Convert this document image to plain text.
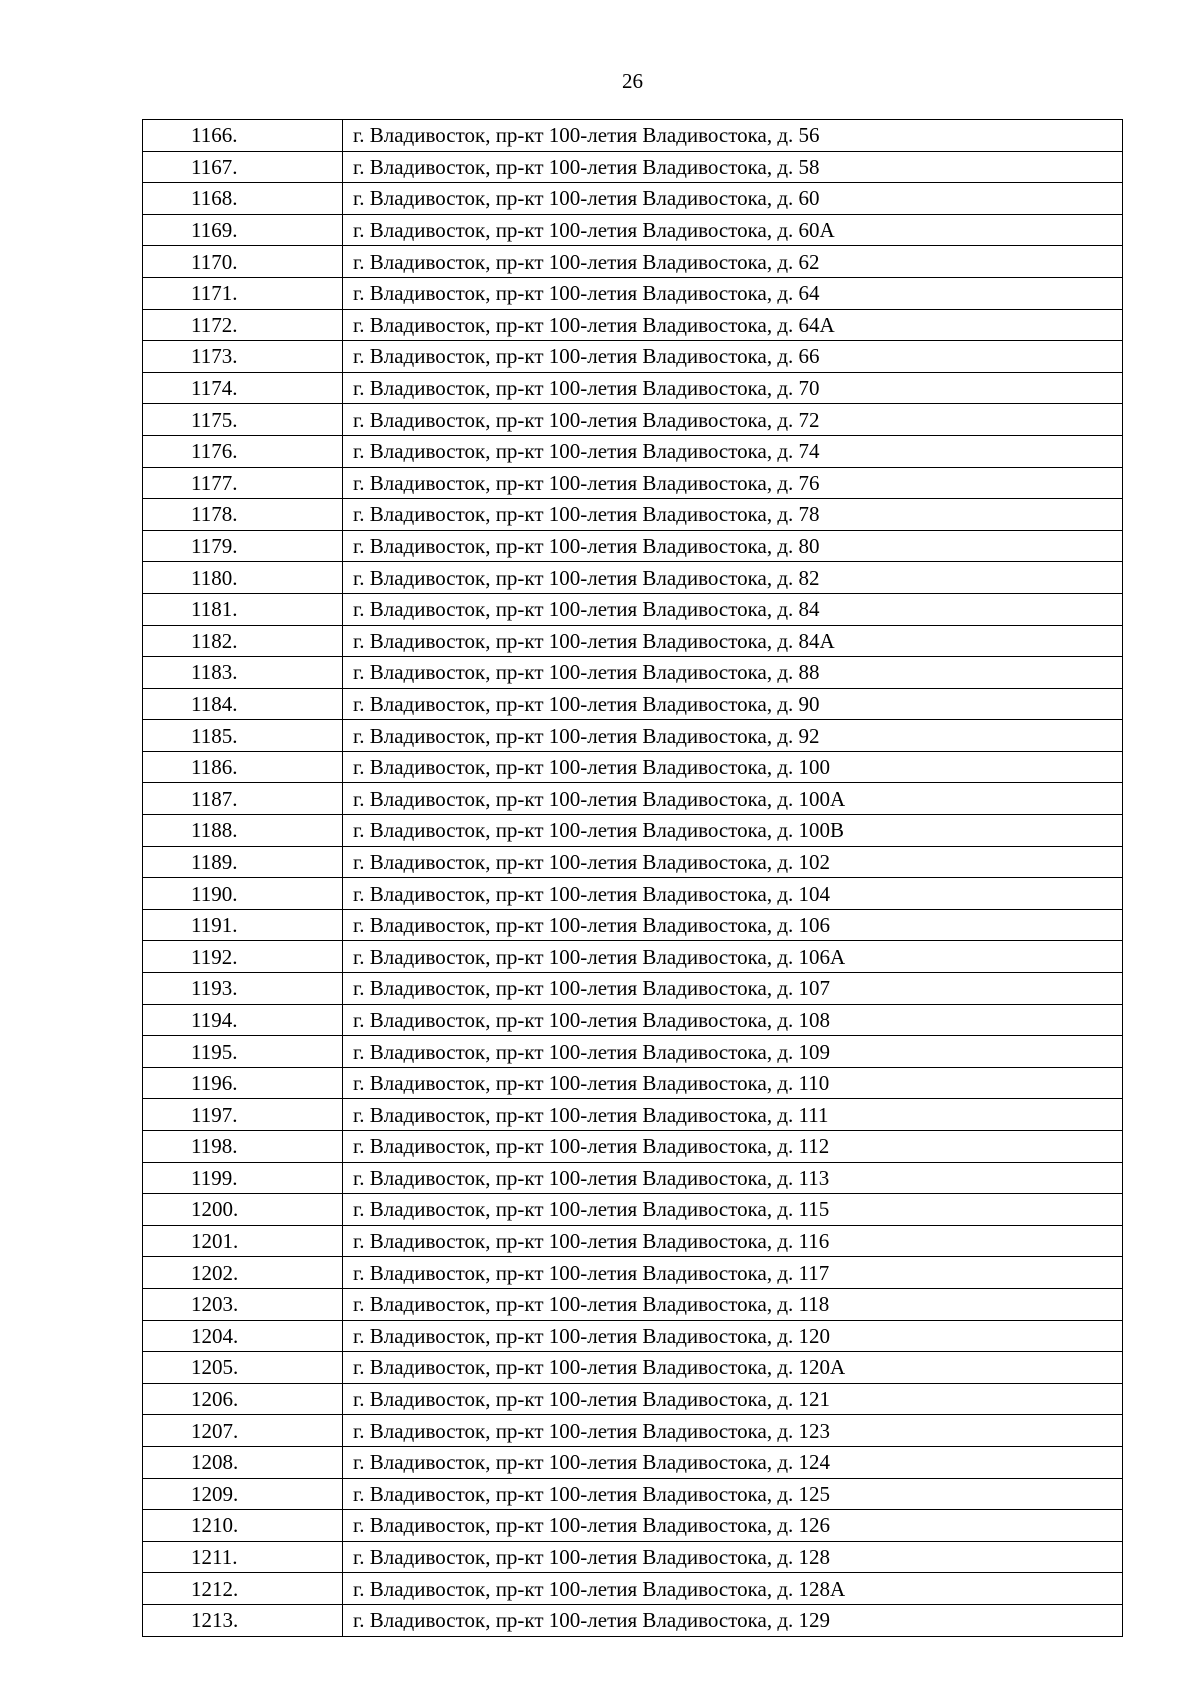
26
1166.	г. Владивосток, пр-кт 100-летия Владивостока, д. 56
1167.	г. Владивосток, пр-кт 100-летия Владивостока, д. 58
1168.	г. Владивосток, пр-кт 100-летия Владивостока, д. 60
1169.	г. Владивосток, пр-кт 100-летия Владивостока, д. 60А
1170.	г. Владивосток, пр-кт 100-летия Владивостока, д. 62
1171.	г. Владивосток, пр-кт 100-летия Владивостока, д. 64
1172.	г. Владивосток, пр-кт 100-летия Владивостока, д. 64А
1173.	г. Владивосток, пр-кт 100-летия Владивостока, д. 66
1174.	г. Владивосток, пр-кт 100-летия Владивостока, д. 70
1175.	г. Владивосток, пр-кт 100-летия Владивостока, д. 72
1176.	г. Владивосток, пр-кт 100-летия Владивостока, д. 74
1177.	г. Владивосток, пр-кт 100-летия Владивостока, д. 76
1178.	г. Владивосток, пр-кт 100-летия Владивостока, д. 78
1179.	г. Владивосток, пр-кт 100-летия Владивостока, д. 80
1180.	г. Владивосток, пр-кт 100-летия Владивостока, д. 82
1181.	г. Владивосток, пр-кт 100-летия Владивостока, д. 84
1182.	г. Владивосток, пр-кт 100-летия Владивостока, д. 84А
1183.	г. Владивосток, пр-кт 100-летия Владивостока, д. 88
1184.	г. Владивосток, пр-кт 100-летия Владивостока, д. 90
1185.	г. Владивосток, пр-кт 100-летия Владивостока, д. 92
1186.	г. Владивосток, пр-кт 100-летия Владивостока, д. 100
1187.	г. Владивосток, пр-кт 100-летия Владивостока, д. 100А
1188.	г. Владивосток, пр-кт 100-летия Владивостока, д. 100В
1189.	г. Владивосток, пр-кт 100-летия Владивостока, д. 102
1190.	г. Владивосток, пр-кт 100-летия Владивостока, д. 104
1191.	г. Владивосток, пр-кт 100-летия Владивостока, д. 106
1192.	г. Владивосток, пр-кт 100-летия Владивостока, д. 106А
1193.	г. Владивосток, пр-кт 100-летия Владивостока, д. 107
1194.	г. Владивосток, пр-кт 100-летия Владивостока, д. 108
1195.	г. Владивосток, пр-кт 100-летия Владивостока, д. 109
1196.	г. Владивосток, пр-кт 100-летия Владивостока, д. 110
1197.	г. Владивосток, пр-кт 100-летия Владивостока, д. 111
1198.	г. Владивосток, пр-кт 100-летия Владивостока, д. 112
1199.	г. Владивосток, пр-кт 100-летия Владивостока, д. 113
1200.	г. Владивосток, пр-кт 100-летия Владивостока, д. 115
1201.	г. Владивосток, пр-кт 100-летия Владивостока, д. 116
1202.	г. Владивосток, пр-кт 100-летия Владивостока, д. 117
1203.	г. Владивосток, пр-кт 100-летия Владивостока, д. 118
1204.	г. Владивосток, пр-кт 100-летия Владивостока, д. 120
1205.	г. Владивосток, пр-кт 100-летия Владивостока, д. 120А
1206.	г. Владивосток, пр-кт 100-летия Владивостока, д. 121
1207.	г. Владивосток, пр-кт 100-летия Владивостока, д. 123
1208.	г. Владивосток, пр-кт 100-летия Владивостока, д. 124
1209.	г. Владивосток, пр-кт 100-летия Владивостока, д. 125
1210.	г. Владивосток, пр-кт 100-летия Владивостока, д. 126
1211.	г. Владивосток, пр-кт 100-летия Владивостока, д. 128
1212.	г. Владивосток, пр-кт 100-летия Владивостока, д. 128А
1213.	г. Владивосток, пр-кт 100-летия Владивостока, д. 129
